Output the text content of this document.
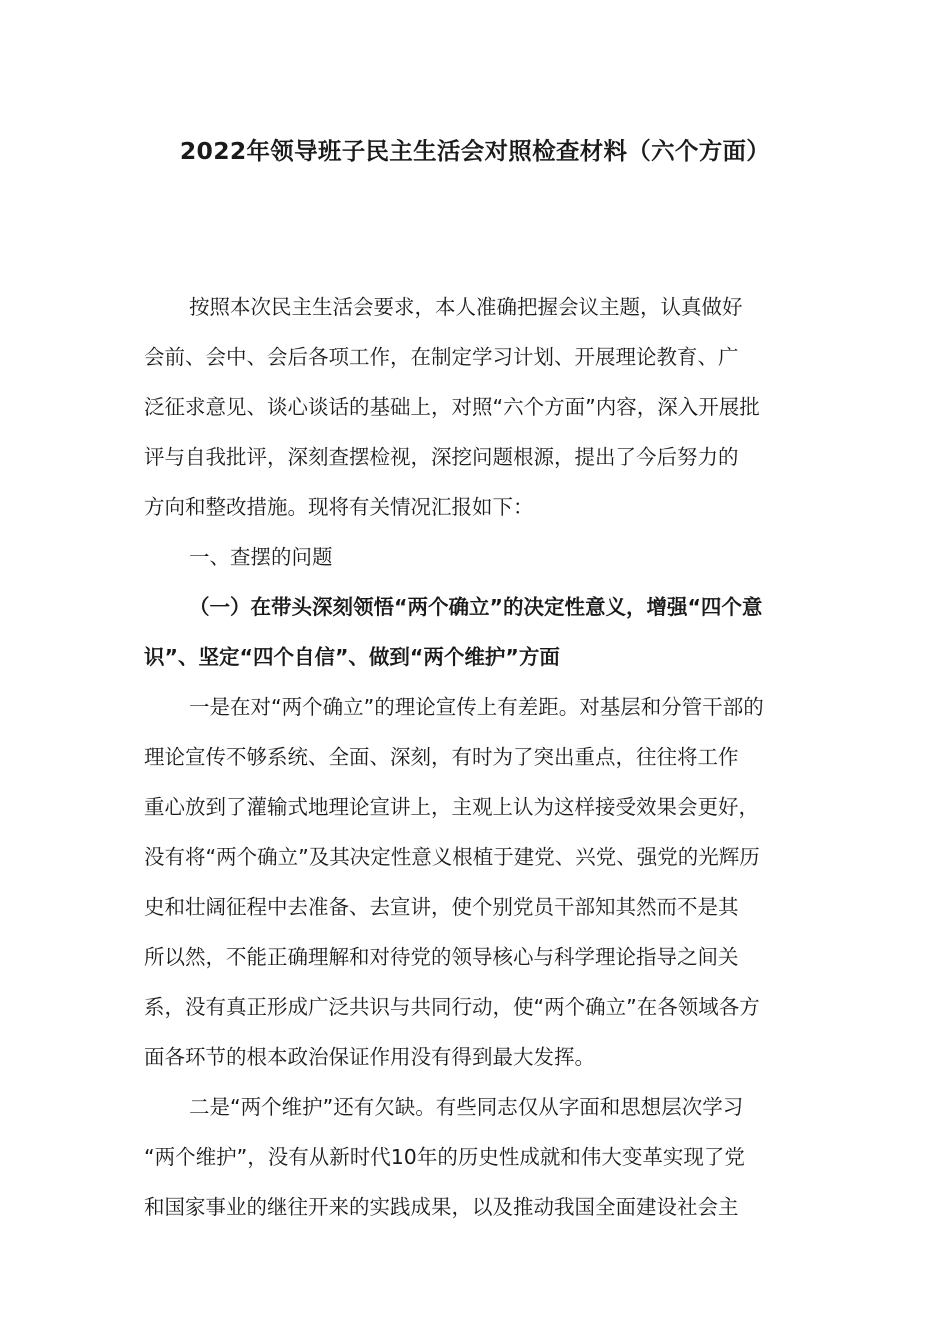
2022年领导班子民主生活会对照检查材料（六个方面）
按照本次民主生活会要求，本人准确把握会议主题，认真做好
会前、会中、会后各项工作，在制定学习计划、开展理论教育、广
泛征求意见、谈心谈话的基础上，对照“六个方面”内容，深入开展批
评与自我批评，深刻查摆检视，深挖问题根源，提出了今后努力的
方向和整改措施。现将有关情况汇报如下：
一、查摆的问题
（一）在带头深刻领悟“两个确立”的决定性意义，增强“四个意
识”、坚定“四个自信”、做到“两个维护”方面
一是在对“两个确立”的理论宣传上有差距。对基层和分管干部的
理论宣传不够系统、全面、深刻，有时为了突出重点，往往将工作
重心放到了灌输式地理论宣讲上，主观上认为这样接受效果会更好，
没有将“两个确立”及其决定性意义根植于建党、兴党、强党的光辉历
史和壮阔征程中去准备、去宣讲，使个别党员干部知其然而不是其
所以然，不能正确理解和对待党的领导核心与科学理论指导之间关
系，没有真正形成广泛共识与共同行动，使“两个确立”在各领域各方
面各环节的根本政治保证作用没有得到最大发挥。
二是“两个维护”还有欠缺。有些同志仅从字面和思想层次学习
“两个维护”，没有从新时代10年的历史性成就和伟大变革实现了党
和国家事业的继往开来的实践成果，以及推动我国全面建设社会主
